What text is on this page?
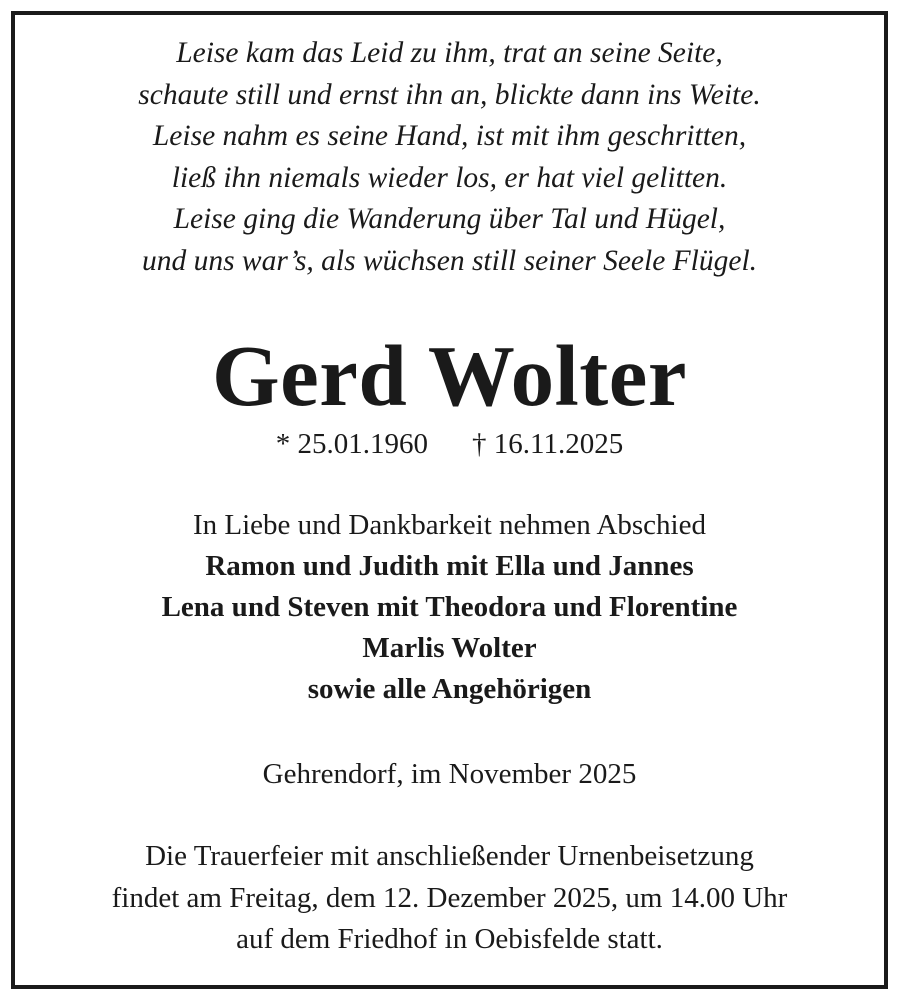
Leise kam das Leid zu ihm, trat an seine Seite,
schaute still und ernst ihn an, blickte dann ins Weite.
Leise nahm es seine Hand, ist mit ihm geschritten,
ließ ihn niemals wieder los, er hat viel gelitten.
Leise ging die Wanderung über Tal und Hügel,
und uns war’s, als wüchsen still seiner Seele Flügel.
Gerd Wolter
* 25.01.1960 † 16.11.2025
In Liebe und Dankbarkeit nehmen Abschied
Ramon und Judith mit Ella und Jannes
Lena und Steven mit Theodora und Florentine
Marlis Wolter
sowie alle Angehörigen
Gehrendorf, im November 2025
Die Trauerfeier mit anschließender Urnenbeisetzung
findet am Freitag, dem 12. Dezember 2025, um 14.00 Uhr
auf dem Friedhof in Oebisfelde statt.
